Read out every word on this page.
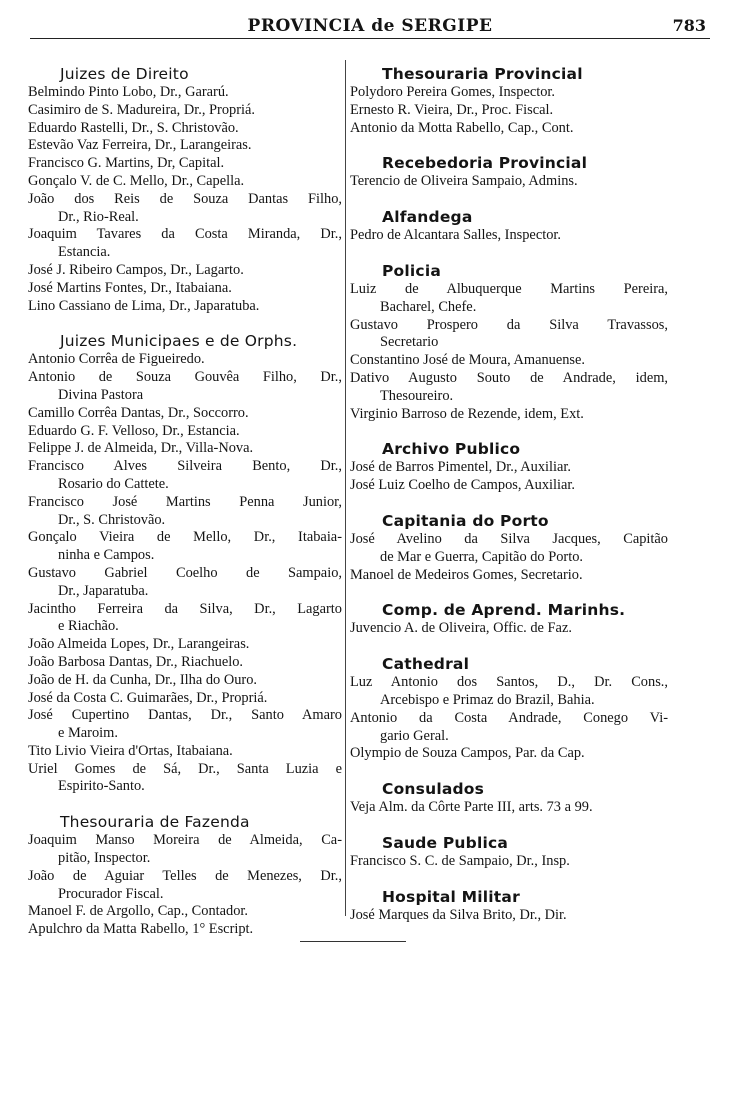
PROVINCIA de SERGIPE	783
Juizes de Direito
Belmindo Pinto Lobo, Dr., Gararú.
Casimiro de S. Madureira, Dr., Propriá.
Eduardo Rastelli, Dr., S. Christovão.
Estevão Vaz Ferreira, Dr., Larangeiras.
Francisco G. Martins, Dr, Capital.
Gonçalo V. de C. Mello, Dr., Capella.
João dos Reis de Souza Dantas Filho,
Dr., Rio-Real.
Joaquim Tavares da Costa Miranda, Dr.,
Estancia.
José J. Ribeiro Campos, Dr., Lagarto.
José Martins Fontes, Dr., Itabaiana.
Lino Cassiano de Lima, Dr., Japaratuba.
Juizes Municipaes e de Orphs.
Antonio Corrêa de Figueiredo.
Antonio de Souza Gouvêa Filho, Dr.,
Divina Pastora
Camillo Corrêa Dantas, Dr., Soccorro.
Eduardo G. F. Velloso, Dr., Estancia.
Felippe J. de Almeida, Dr., Villa-Nova.
Francisco Alves Silveira Bento, Dr.,
Rosario do Cattete.
Francisco José Martins Penna Junior,
Dr., S. Christovão.
Gonçalo Vieira de Mello, Dr., Itabaia-
ninha e Campos.
Gustavo Gabriel Coelho de Sampaio,
Dr., Japaratuba.
Jacintho Ferreira da Silva, Dr., Lagarto
e Riachão.
João Almeida Lopes, Dr., Larangeiras.
João Barbosa Dantas, Dr., Riachuelo.
João de H. da Cunha, Dr., Ilha do Ouro.
José da Costa C. Guimarães, Dr., Propriá.
José Cupertino Dantas, Dr., Santo Amaro
e Maroim.
Tito Livio Vieira d'Ortas, Itabaiana.
Uriel Gomes de Sá, Dr., Santa Luzia e
Espirito-Santo.
Thesouraria de Fazenda
Joaquim Manso Moreira de Almeida, Ca-
pitão, Inspector.
João de Aguiar Telles de Menezes, Dr.,
Procurador Fiscal.
Manoel F. de Argollo, Cap., Contador.
Apulchro da Matta Rabello, 1° Escript.
Thesouraria Provincial
Polydoro Pereira Gomes, Inspector.
Ernesto R. Vieira, Dr., Proc. Fiscal.
Antonio da Motta Rabello, Cap., Cont.
Recebedoria Provincial
Terencio de Oliveira Sampaio, Admins.
Alfandega
Pedro de Alcantara Salles, Inspector.
Policia
Luiz de Albuquerque Martins Pereira,
Bacharel, Chefe.
Gustavo Prospero da Silva Travassos,
Secretario
Constantino José de Moura, Amanuense.
Dativo Augusto Souto de Andrade, idem,
Thesoureiro.
Virginio Barroso de Rezende, idem, Ext.
Archivo Publico
José de Barros Pimentel, Dr., Auxiliar.
José Luiz Coelho de Campos, Auxiliar.
Capitania do Porto
José Avelino da Silva Jacques, Capitão
de Mar e Guerra, Capitão do Porto.
Manoel de Medeiros Gomes, Secretario.
Comp. de Aprend. Marinhs.
Juvencio A. de Oliveira, Offic. de Faz.
Cathedral
Luz Antonio dos Santos, D., Dr. Cons.,
Arcebispo e Primaz do Brazil, Bahia.
Antonio da Costa Andrade, Conego Vi-
gario Geral.
Olympio de Souza Campos, Par. da Cap.
Consulados
Veja Alm. da Côrte Parte III, arts. 73 a 99.
Saude Publica
Francisco S. C. de Sampaio, Dr., Insp.
Hospital Militar
José Marques da Silva Brito, Dr., Dir.
